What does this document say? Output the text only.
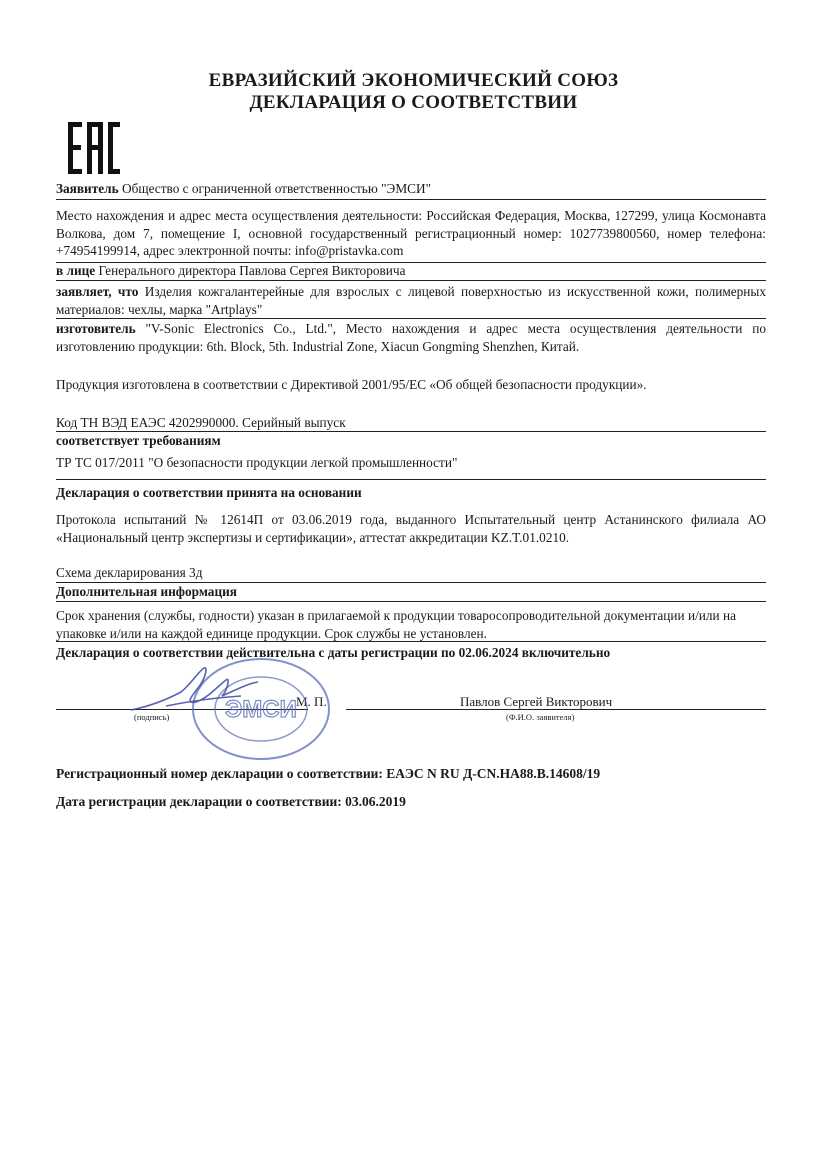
ЕВРАЗИЙСКИЙ ЭКОНОМИЧЕСКИЙ СОЮЗ
ДЕКЛАРАЦИЯ О СООТВЕТСТВИИ
Заявитель Общество с ограниченной ответственностью "ЭМСИ"
Место нахождения и адрес места осуществления деятельности: Российская Федерация, Москва, 127299, улица Космонавта Волкова, дом 7, помещение I, основной государственный регистрационный номер: 1027739800560, номер телефона: +74954199914, адрес электронной почты: info@pristavka.com
в лице Генерального директора Павлова Сергея Викторовича
заявляет, что Изделия кожгалантерейные для взрослых с лицевой поверхностью из искусственной кожи, полимерных материалов: чехлы, марка "Artplays"
изготовитель "V-Sonic Electronics Co., Ltd.", Место нахождения и адрес места осуществления деятельности по изготовлению продукции: 6th. Block, 5th. Industrial Zone, Xiacun Gongming Shenzhen, Китай.
Продукция изготовлена в соответствии с Директивой 2001/95/ЕС «Об общей безопасности продукции».
Код ТН ВЭД ЕАЭС 4202990000. Серийный выпуск
соответствует требованиям
ТР ТС 017/2011 "О безопасности продукции легкой промышленности"
Декларация о соответствии принята на основании
Протокола испытаний № 12614П от 03.06.2019 года, выданного Испытательный центр Астанинского филиала АО «Национальный центр экспертизы и сертификации», аттестат аккредитации KZ.T.01.0210.
Схема декларирования 3д
Дополнительная информация
Срок хранения (службы, годности) указан в прилагаемой к продукции товаросопроводительной документации и/или на упаковке и/или на каждой единице продукции. Срок службы не установлен.
Декларация о соответствии действительна с даты регистрации по 02.06.2024 включительно
(подпись)
М. П.	Павлов Сергей Викторович
(Ф.И.О. заявителя)
ЭМСИ
Регистрационный номер декларации о соответствии: ЕАЭС N RU Д-CN.HA88.B.14608/19
Дата регистрации декларации о соответствии: 03.06.2019
